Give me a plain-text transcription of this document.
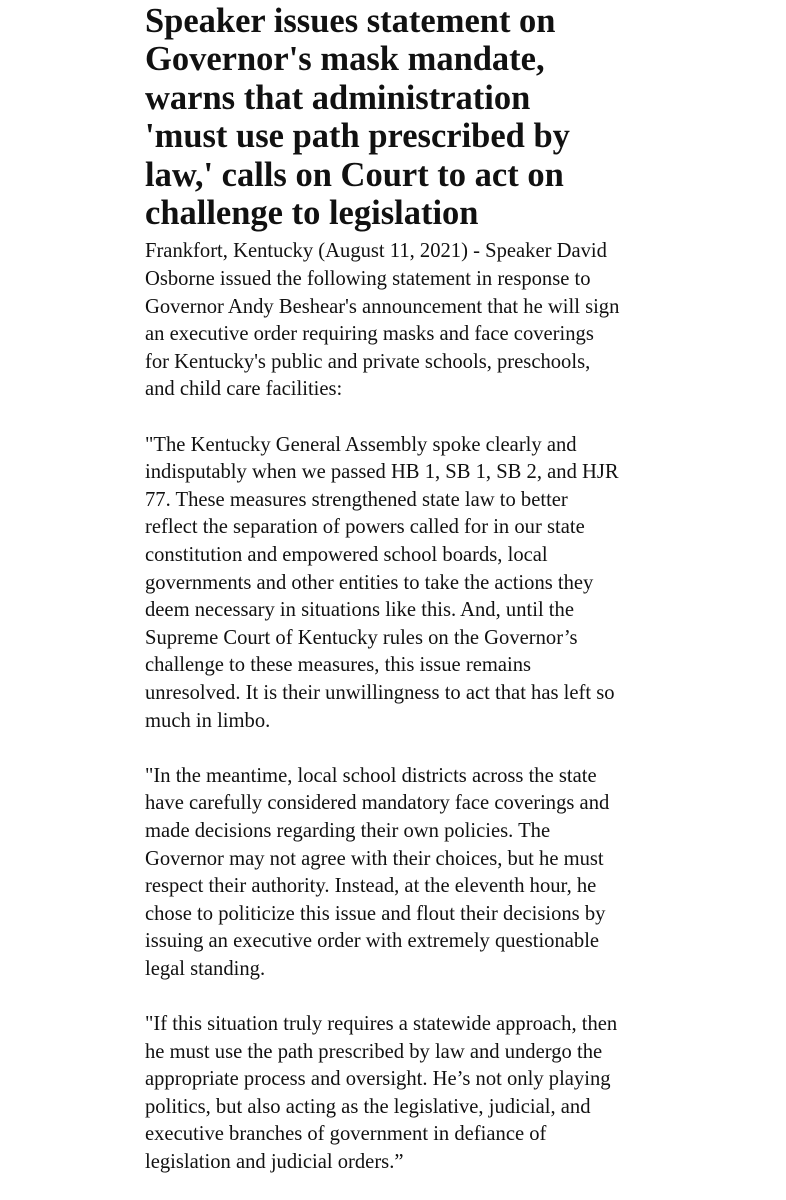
Speaker issues statement on Governor's mask mandate, warns that administration 'must use path prescribed by law,' calls on Court to act on challenge to legislation

Frankfort, Kentucky (August 11, 2021) - Speaker David Osborne issued the following statement in response to Governor Andy Beshear's announcement that he will sign an executive order requiring masks and face coverings for Kentucky's public and private schools, preschools, and child care facilities:

"The Kentucky General Assembly spoke clearly and indisputably when we passed HB 1, SB 1, SB 2, and HJR 77. These measures strengthened state law to better reflect the separation of powers called for in our state constitution and empowered school boards, local governments and other entities to take the actions they deem necessary in situations like this. And, until the Supreme Court of Kentucky rules on the Governor’s challenge to these measures, this issue remains unresolved. It is their unwillingness to act that has left so much in limbo.

"In the meantime, local school districts across the state have carefully considered mandatory face coverings and made decisions regarding their own policies. The Governor may not agree with their choices, but he must respect their authority. Instead, at the eleventh hour, he chose to politicize this issue and flout their decisions by issuing an executive order with extremely questionable legal standing.

"If this situation truly requires a statewide approach, then he must use the path prescribed by law and undergo the appropriate process and oversight. He’s not only playing politics, but also acting as the legislative, judicial, and executive branches of government in defiance of legislation and judicial orders.”
